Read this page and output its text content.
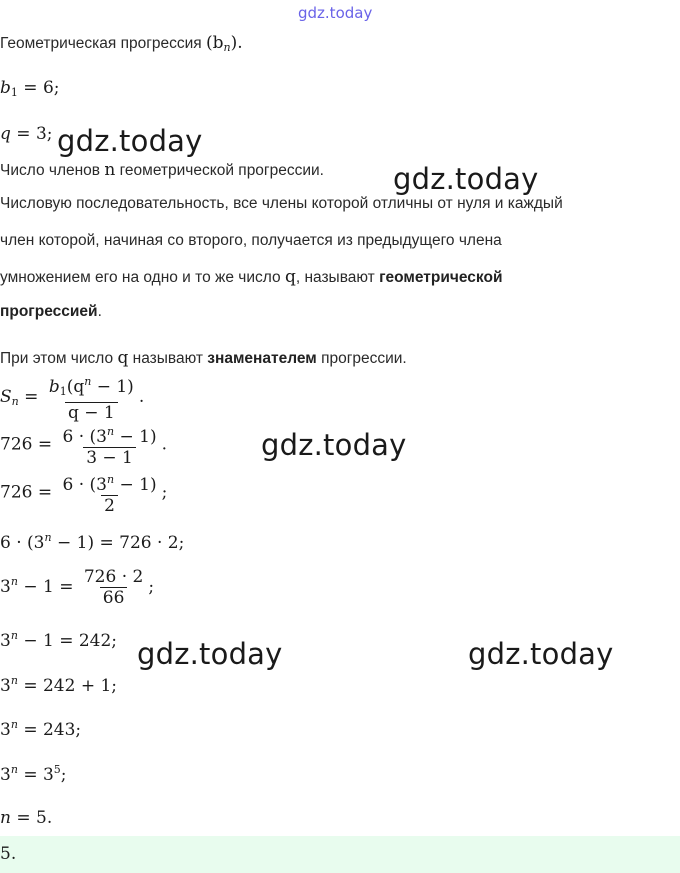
gdz.today
Геометрическая прогрессия $(b_n)$.
$b_1 = 6$;
q = 3;
Число членов n геометрической прогрессии.
Числовую последовательность, все члены которой отличны от нуля и каждый
член которой, начиная со второго, получается из предыдущего члена
умножением его на одно и то же число q, называют геометрической
прогрессией.
При этом число q называют знаменателем прогрессии.
$S_n = \frac{b_1(q^n - 1)}{q - 1}$ .
$726 = \frac{6 \cdot (3^n - 1)}{3 - 1}$ .
$726 = \frac{6 \cdot (3^n - 1)}{2}$ ;
$6 \cdot (3^n - 1) = 726 \cdot 2$;
$3^n - 1 = \frac{726 \cdot 2}{66}$ ;
$3^n - 1 = 242$;
$3^n = 242 + 1$;
$3^n = 243$;
$3^n = 3^5$;
n = 5.
5.
gdz.today
gdz.today
gdz.today
gdz.today	gdz.today
